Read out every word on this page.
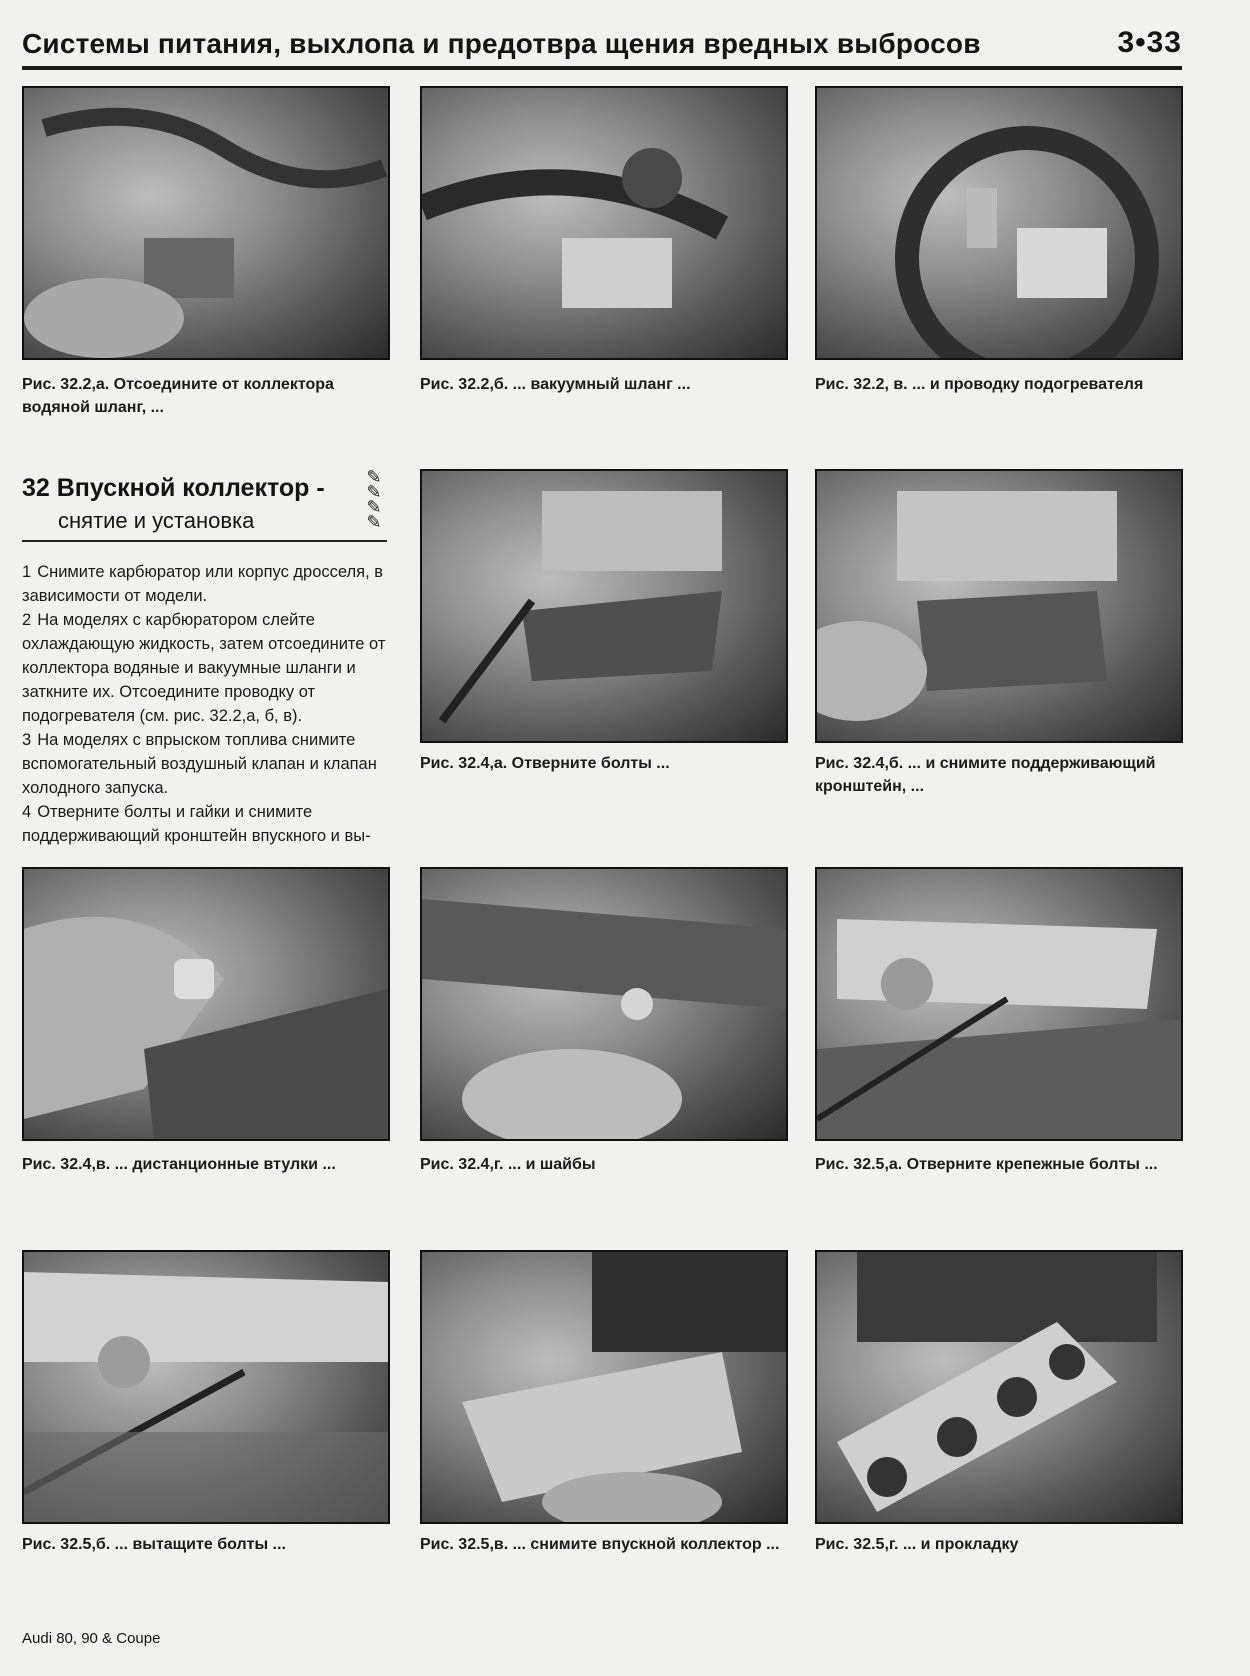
Системы питания, выхлопа и предотвра щения вредных выбросов	3•33
Рис. 32.2,а. Отсоедините от коллектора водяной шланг, ...
Рис. 32.2,б. ... вакуумный шланг ...	Рис. 32.2, в. ... и проводку подогревателя
32 Впускной коллектор -
снятие и установка
✎
✎
✎
✎

1 Снимите карбюратор или корпус дросселя, в зависимости от модели.

2 На моделях с карбюратором слейте охлаждающую жидкость, затем отсоедините от коллектора водяные и вакуумные шланги и заткните их. Отсоедините проводку от подогревателя (см. рис. 32.2,а, б, в).

3 На моделях с впрыском топлива снимите вспомогательный воздушный клапан и клапан холодного запуска.

4 Отверните болты и гайки и снимите поддерживающий кронштейн впускного и вы-

Рис. 32.4,а. Отверните болты ...	Рис. 32.4,б. ... и снимите поддерживающий кронштейн, ...
Рис. 32.4,в. ... дистанционные втулки ...	Рис. 32.4,г. ... и шайбы	Рис. 32.5,а. Отверните крепежные болты ...
Рис. 32.5,б. ... вытащите болты ...	Рис. 32.5,в. ... снимите впускной коллектор ...	Рис. 32.5,г. ... и прокладку
Audi 80, 90 & Coupe
